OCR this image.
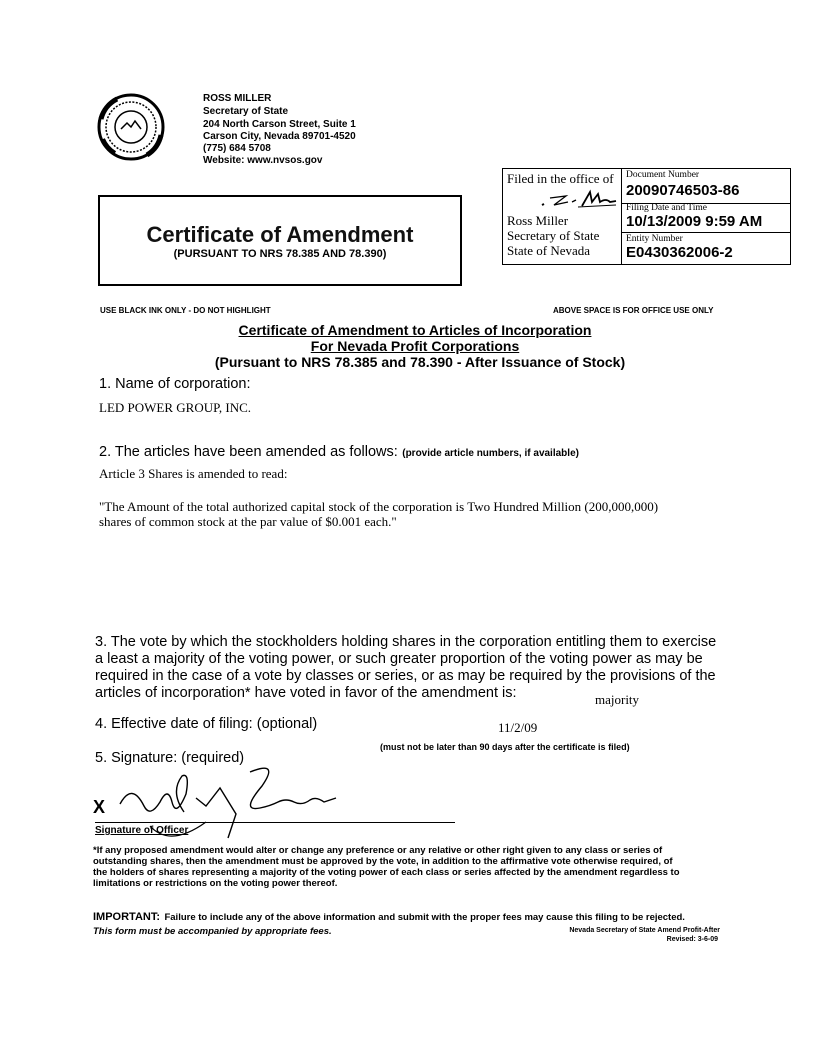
ROSS MILLER
Secretary of State
204 North Carson Street, Suite 1
Carson City, Nevada 89701-4520
(775) 684 5708
Website: www.nvsos.gov
Certificate of Amendment
(PURSUANT TO NRS 78.385 AND 78.390)
Filed in the office of
Ross Miller
Secretary of State
State of Nevada
Document Number
20090746503-86
Filing Date and Time
10/13/2009 9:59 AM
Entity Number
E0430362006-2
USE BLACK INK ONLY - DO NOT HIGHLIGHT	ABOVE SPACE IS FOR OFFICE USE ONLY
Certificate of Amendment to Articles of Incorporation
For Nevada Profit Corporations
(Pursuant to NRS 78.385 and 78.390 - After Issuance of Stock)
1. Name of corporation:
LED POWER GROUP, INC.
2. The articles have been amended as follows: (provide article numbers, if available)
Article 3 Shares is amended to read:
"The Amount of the total authorized capital stock of the corporation is Two Hundred Million (200,000,000)
shares of common stock at the par value of $0.001 each."
3. The vote by which the stockholders holding shares in the corporation entitling them to exercise
a least a majority of the voting power, or such greater proportion of the voting power as may be
required in the case of a vote by classes or series, or as may be required by the provisions of the
articles of incorporation* have voted in favor of the amendment is:	majority
4. Effective date of filing: (optional)	11/2/09
(must not be later than 90 days after the certificate is filed)
5. Signature: (required)
X
Signature of Officer
*If any proposed amendment would alter or change any preference or any relative or other right given to any class or series of
outstanding shares, then the amendment must be approved by the vote, in addition to the affirmative vote otherwise required, of
the holders of shares representing a majority of the voting power of each class or series affected by the amendment regardless to
limitations or restrictions on the voting power thereof.
IMPORTANT: Failure to include any of the above information and submit with the proper fees may cause this filing to be rejected.
This form must be accompanied by appropriate fees.	Nevada Secretary of State Amend Profit-After
Revised: 3-6-09
